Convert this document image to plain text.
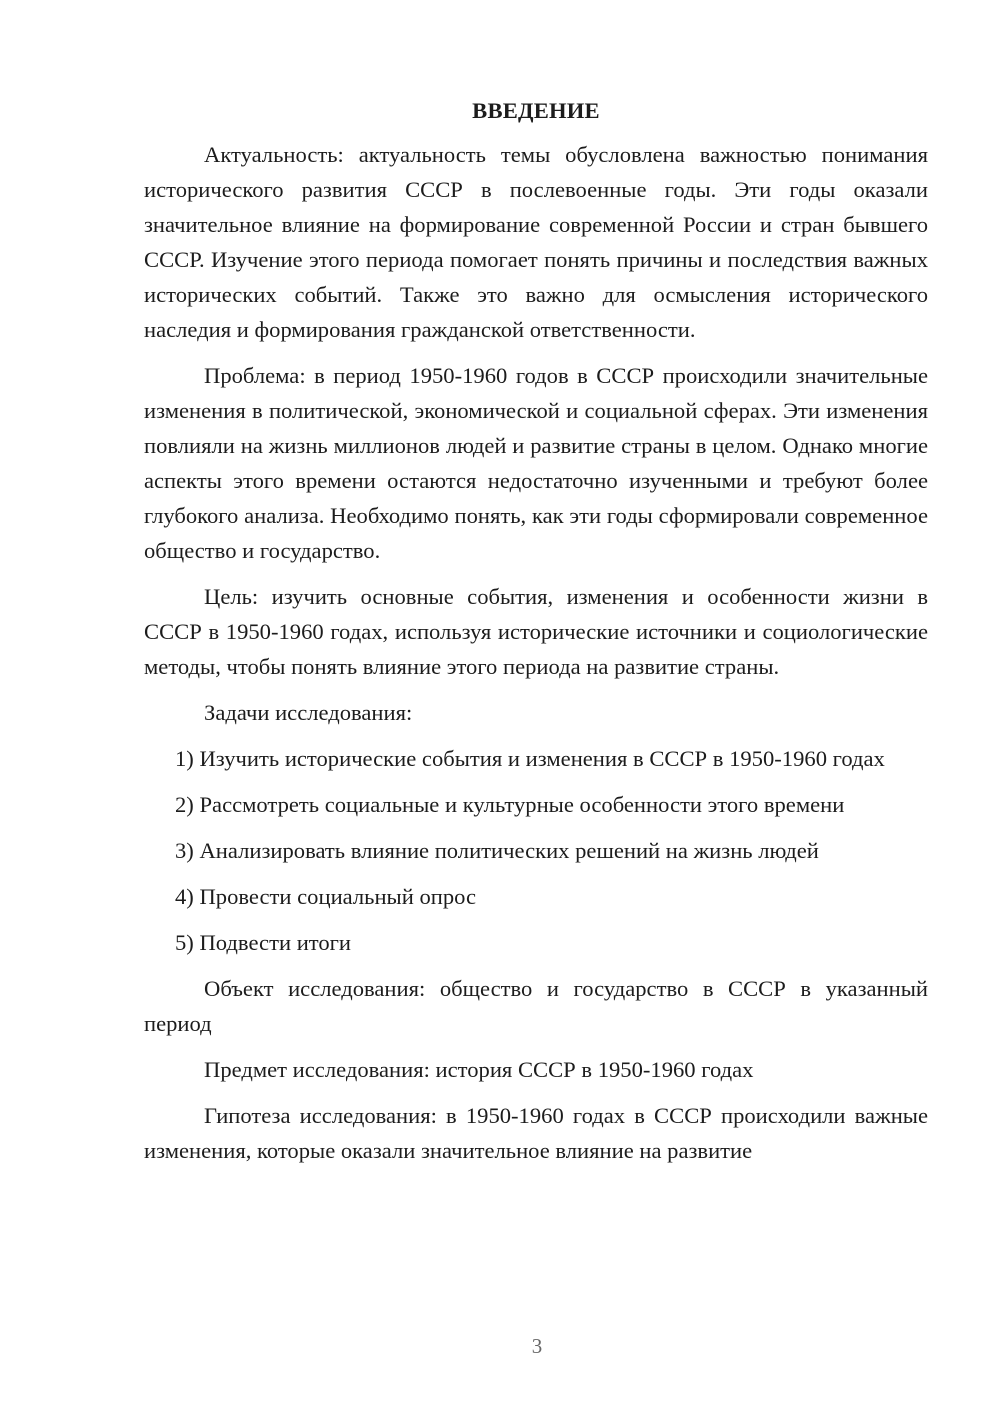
ВВЕДЕНИЕ

Актуальность: актуальность темы обусловлена важностью понимания исторического развития СССР в послевоенные годы. Эти годы оказали значительное влияние на формирование современной России и стран бывшего СССР. Изучение этого периода помогает понять причины и последствия важных исторических событий. Также это важно для осмысления исторического наследия и формирования гражданской ответственности.

Проблема: в период 1950-1960 годов в СССР происходили значительные изменения в политической, экономической и социальной сферах. Эти изменения повлияли на жизнь миллионов людей и развитие страны в целом. Однако многие аспекты этого времени остаются недостаточно изученными и требуют более глубокого анализа. Необходимо понять, как эти годы сформировали современное общество и государство.

Цель: изучить основные события, изменения и особенности жизни в СССР в 1950-1960 годах, используя исторические источники и социологические методы, чтобы понять влияние этого периода на развитие страны.

Задачи исследования:

1) Изучить исторические события и изменения в СССР в 1950-1960 годах

2) Рассмотреть социальные и культурные особенности этого времени

3) Анализировать влияние политических решений на жизнь людей

4) Провести социальный опрос

5) Подвести итоги

Объект исследования: общество и государство в СССР в указанный период

Предмет исследования: история СССР в 1950-1960 годах

Гипотеза исследования: в 1950-1960 годах в СССР происходили важные изменения, которые оказали значительное влияние на развитие

3
